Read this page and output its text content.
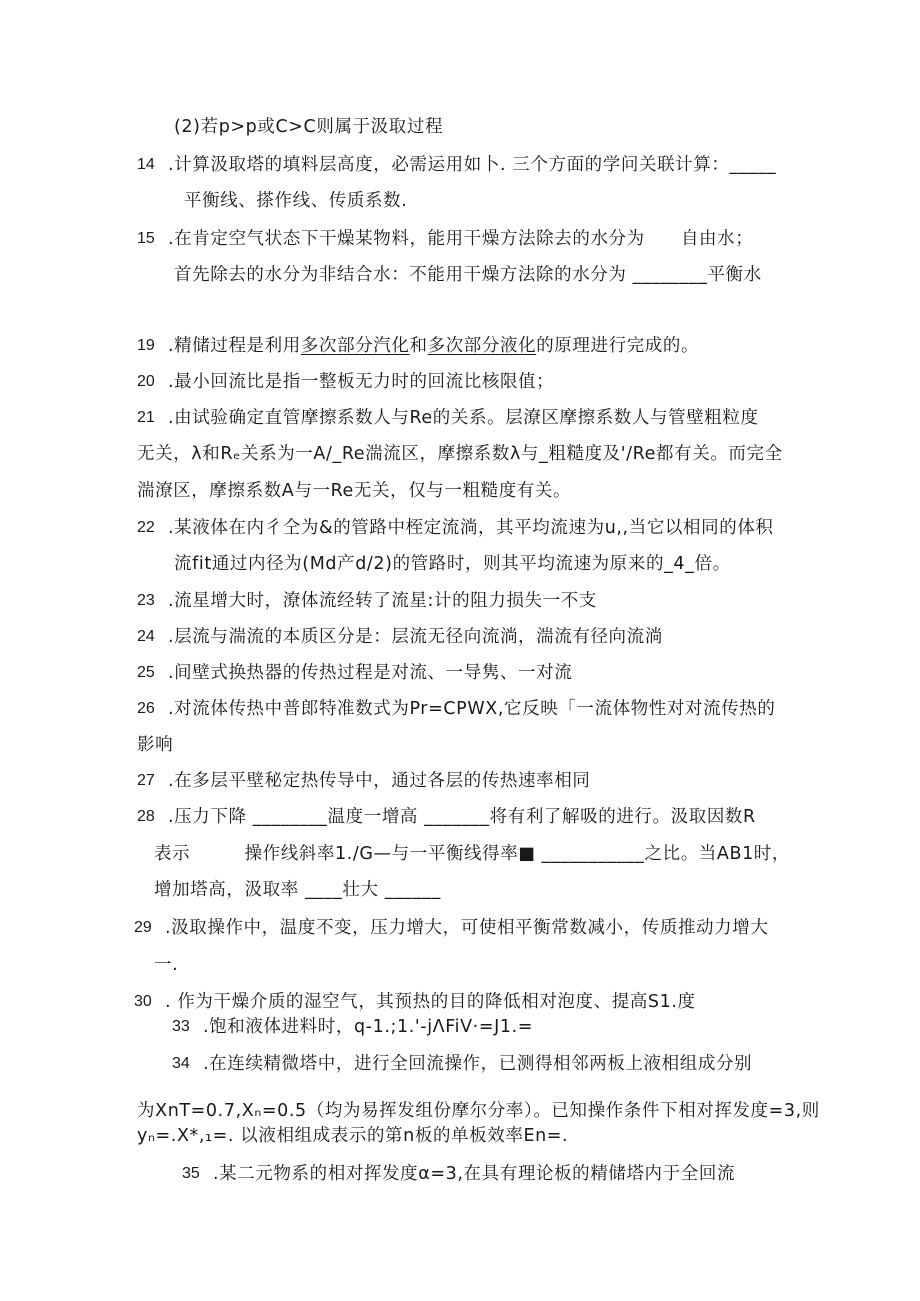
(2)若p>p或C>C则属于汲取过程
14 .计算汲取塔的填料层高度，必需运用如卜. 三个方面的学问关联计算：_____
平衡线、搽作线、传质系数.
15 .在肯定空气状态下干燥某物料，能用干燥方法除去的水分为　　自由水；
首先除去的水分为非结合水：不能用干燥方法除的水分为 ________平衡水
19 .精储过程是利用多次部分汽化和多次部分液化的原理进行完成的。
20 .最小回流比是指一整板无力时的回流比核限值；
21 .由试验确定直管摩擦系数人与Re的关系。层潦区摩擦系数人与管壁粗粒度
无关，λ和Rₑ关系为一A/_Re湍流区，摩擦系数λ与_粗糙度及'/Re都有关。而完全
湍潦区，摩擦系数A与一Re无关，仅与一粗糙度有关。
22 .某液体在内彳仝为&的管路中桎定流淌，其平均流速为u,,当它以相同的体积
流fit通过内径为(Md产d/2)的管路时，则其平均流速为原来的_4_倍。
23 .流星增大时，潦体流经转了流星:计的阻力损失一不支
24 .层流与湍流的本质区分是：层流无径向流淌，湍流有径向流淌
25 .间壁式换热器的传热过程是对流、一导隽、一对流
26 .对流体传热中普郎特准数式为Pr=CPWX,它反映「一流体物性对对流传热的
影响
27 .在多层平壁秘定热传导中，通过各层的传热速率相同
28 .压力下降 ________温度一增高 _______将有利了解吸的进行。汲取因数R
表示　　　操作线斜率1./G—与一平衡线得率■ ___________之比。当AB1时，
增加塔高，汲取率 ____壮大 ______
29 .汲取操作中，温度不变，压力增大，可使相平衡常数减小，传质推动力增大
一.
30 . 作为干燥介质的湿空气，其预热的目的降低相对泡度、提高S1.度
33 .饱和液体进料时，q-1.;1.'-jΛFiV·=J1.=
34 .在连续精微塔中，进行全回流操作，已测得相邻两板上液相组成分别
为XnT=0.7,Xₙ=0.5（均为易挥发组份摩尔分率）。已知操作条件下相对挥发度=3,则
yₙ=.X*,₁=. 以液相组成表示的第n板的单板效率En=.
35 .某二元物系的相对挥发度α=3,在具有理论板的精储塔内于全回流
